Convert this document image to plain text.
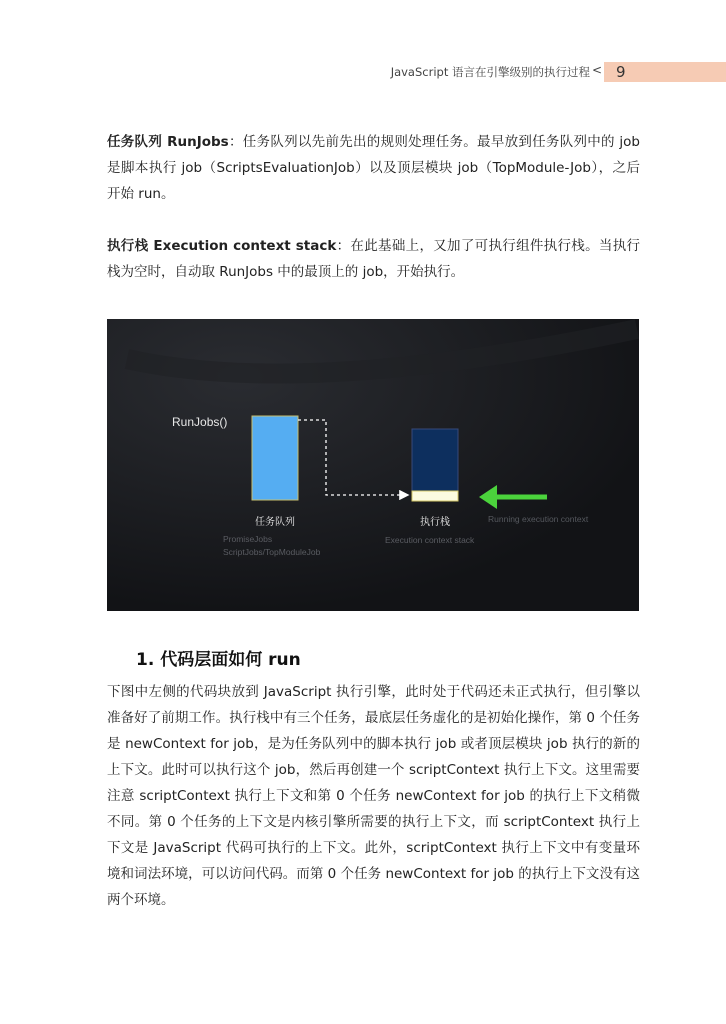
JavaScript 语言在引擎级别的执行过程 < 9

任务队列 RunJobs：任务队列以先前先出的规则处理任务。最早放到任务队列中的 job 是脚本执行 job（ScriptsEvaluationJob）以及顶层模块 job（TopModule-Job），之后开始 run。

执行栈 Execution context stack：在此基础上，又加了可执行组件执行栈。当执行栈为空时，自动取 RunJobs 中的最顶上的 job，开始执行。

RunJobs()
任务队列
PromiseJobs
ScriptJobs/TopModuleJob
执行栈
Execution context stack
Running execution context
1. 代码层面如何 run

下图中左侧的代码块放到 JavaScript 执行引擎，此时处于代码还未正式执行，但引擎以准备好了前期工作。执行栈中有三个任务，最底层任务虚化的是初始化操作，第 0 个任务是 newContext for job，是为任务队列中的脚本执行 job 或者顶层模块 job 执行的新的上下文。此时可以执行这个 job，然后再创建一个 scriptContext 执行上下文。这里需要注意 scriptContext 执行上下文和第 0 个任务 newContext for job 的执行上下文稍微不同。第 0 个任务的上下文是内核引擎所需要的执行上下文，而 scriptContext 执行上下文是 JavaScript 代码可执行的上下文。此外，scriptContext 执行上下文中有变量环境和词法环境，可以访问代码。而第 0 个任务 newContext for job 的执行上下文没有这两个环境。
